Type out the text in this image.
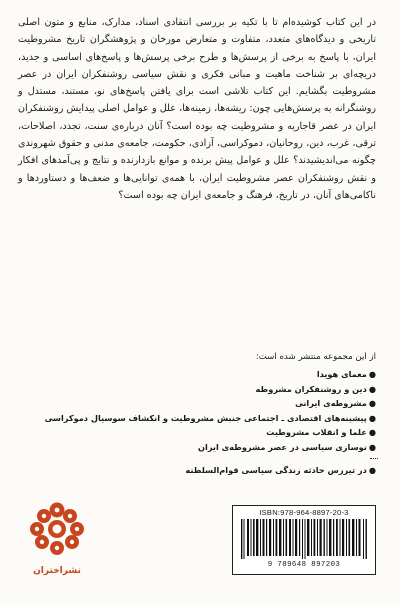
در این کتاب کوشیده‌ام تا با تکیه بر بررسی انتقادی اسناد، مدارک، منابع و متون اصلی تاریخی و دیدگاه‌های متعدد، متفاوت و متعارض مورخان و پژوهشگران تاریخ مشروطیت ایران، با پاسخ به برخی از پرسش‌ها و طرح برخی پرسش‌ها و پاسخ‌های اساسی و جدید، دریچه‌ای بر شناخت ماهیت و مبانی فکری و نقش سیاسی روشنفکران ایران در عصر مشروطیت بگشایم. این کتاب تلاشی است برای یافتن پاسخ‌های نو، مستند، مستدل و روشنگرانه به پرسش‌هایی چون: ریشه‌ها، زمینه‌ها، علل و عوامل اصلی پیدایش روشنفکران ایران در عصر قاجاریه و مشروطیت چه بوده است؟ آنان درباره‌ی سنت، تجدد، اصلاحات، ترقی، غرب، دین، روحانیان، دموکراسی، آزادی، حکومت، جامعه‌ی مدنی و حقوق شهروندی چگونه می‌اندیشیدند؟ علل و عوامل پیش برنده و موانع بازدارنده و نتایج و پی‌آمدهای افکار و نقش روشنفکران عصر مشروطیت ایران، با همه‌ی توانایی‌ها و ضعف‌ها و دستاوردها و ناکامی‌های آنان، در تاریخ، فرهنگ و جامعه‌ی ایران چه بوده است؟

از این مجموعه منتشر شده است:

●معمای هویدا
●دین و روشنفکران مشروطه
●مشروطه‌ی ایرانی
●پیشینه‌های اقتصادی ـ اجتماعی جنبش مشروطیت و انکشاف سوسیال دموکراسی
●علما و انقلاب مشروطیت
●نوسازی سیاسی در عصر مشروطه‌ی ایران
●در تیررس حادثه زندگی سیاسی قوام‌السلطنه
نشراختران
ISBN:978-964-8897-20-3
9 789648 897203
